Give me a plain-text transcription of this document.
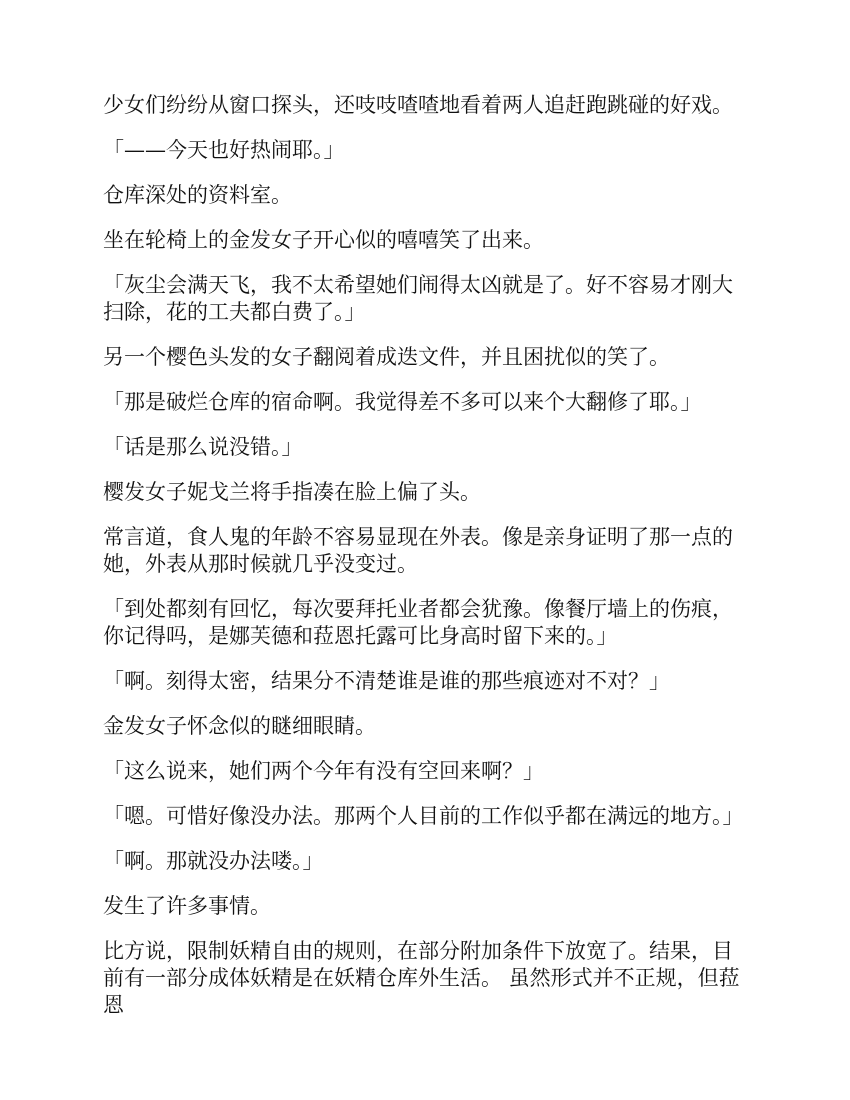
少女们纷纷从窗口探头，还吱吱喳喳地看着两人追赶跑跳碰的好戏。

「——今天也好热闹耶。」

仓库深处的资料室。

坐在轮椅上的金发女子开心似的嘻嘻笑了出来。

「灰尘会满天飞，我不太希望她们闹得太凶就是了。好不容易才刚大扫除，花的工夫都白费了。」

另一个樱色头发的女子翻阅着成迭文件，并且困扰似的笑了。

「那是破烂仓库的宿命啊。我觉得差不多可以来个大翻修了耶。」

「话是那么说没错。」

樱发女子妮戈兰将手指凑在脸上偏了头。

常言道，食人鬼的年龄不容易显现在外表。像是亲身证明了那一点的她，外表从那时候就几乎没变过。

「到处都刻有回忆，每次要拜托业者都会犹豫。像餐厅墙上的伤痕，你记得吗，是娜芙德和菈恩托露可比身高时留下来的。」

「啊。刻得太密，结果分不清楚谁是谁的那些痕迹对不对？」

金发女子怀念似的瞇细眼睛。

「这么说来，她们两个今年有没有空回来啊？」

「嗯。可惜好像没办法。那两个人目前的工作似乎都在满远的地方。」

「啊。那就没办法喽。」

发生了许多事情。

比方说，限制妖精自由的规则，在部分附加条件下放宽了。结果，目前有一部分成体妖精是在妖精仓库外生活。 虽然形式并不正规，但菈恩
